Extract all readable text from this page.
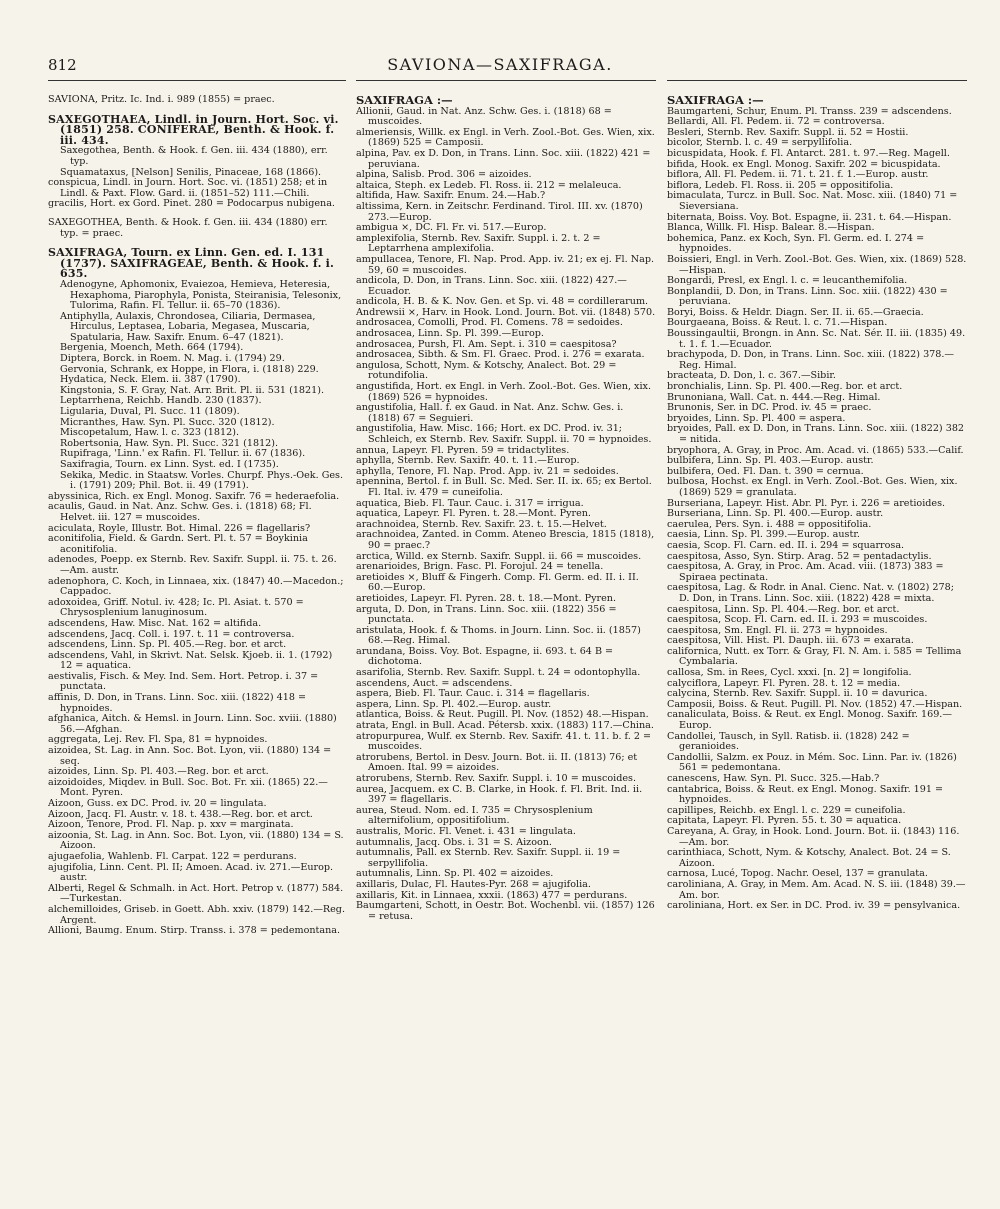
812	SAVIONA—SAXIFRAGA.

SAVIONA, Pritz. Ic. Ind. i. 989 (1855) = praec.

SAXEGOTHAEA, Lindl. in Journ. Hort. Soc. vi. (1851) 258. CONIFERAE, Benth. & Hook. f. iii. 434.

Saxegothea, Benth. & Hook. f. Gen. iii. 434 (1880), err. typ.

Squamataxus, [Nelson] Senilis, Pinaceae, 168 (1866).

conspicua, Lindl. in Journ. Hort. Soc. vi. (1851) 258; et in Lindl. & Paxt. Flow. Gard. ii. (1851–52) 111.—Chili.

gracilis, Hort. ex Gord. Pinet. 280 = Podocarpus nubigena.

SAXEGOTHEA, Benth. & Hook. f. Gen. iii. 434 (1880) err. typ. = praec.

SAXIFRAGA, Tourn. ex Linn. Gen. ed. I. 131 (1737). SAXIFRAGEAE, Benth. & Hook. f. i. 635.

Adenogyne, Aphomonix, Evaiezoa, Hemieva, Heteresia, Hexaphoma, Piarophyla, Ponista, Steiranisia, Telesonix, Tulorima, Rafin. Fl. Tellur. ii. 65–70 (1836).

Antiphylla, Aulaxis, Chrondosea, Ciliaria, Dermasea, Hirculus, Leptasea, Lobaria, Megasea, Muscaria, Spatularia, Haw. Saxifr. Enum. 6–47 (1821).

Bergenia, Moench, Meth. 664 (1794).

Diptera, Borck. in Roem. N. Mag. i. (1794) 29.

Gervonia, Schrank, ex Hoppe, in Flora, i. (1818) 229.

Hydatica, Neck. Elem. ii. 387 (1790).

Kingstonia, S. F. Gray, Nat. Arr. Brit. Pl. ii. 531 (1821).

Leptarrhena, Reichb. Handb. 230 (1837).

Ligularia, Duval, Pl. Succ. 11 (1809).

Micranthes, Haw. Syn. Pl. Succ. 320 (1812).

Miscopetalum, Haw. l. c. 323 (1812).

Robertsonia, Haw. Syn. Pl. Succ. 321 (1812).

Rupifraga, 'Linn.' ex Rafin. Fl. Tellur. ii. 67 (1836).

Saxifragia, Tourn. ex Linn. Syst. ed. I (1735).

Sekika, Medic. in Staatsw. Vorles. Churpf. Phys.-Oek. Ges. i. (1791) 209; Phil. Bot. ii. 49 (1791).

abyssinica, Rich. ex Engl. Monog. Saxifr. 76 = hederaefolia.

acaulis, Gaud. in Nat. Anz. Schw. Ges. i. (1818) 68; Fl. Helvet. iii. 127 = muscoides.

aciculata, Royle, Illustr. Bot. Himal. 226 = flagellaris?

aconitifolia, Field. & Gardn. Sert. Pl. t. 57 = Boykinia aconitifolia.

adenodes, Poepp. ex Sternb. Rev. Saxifr. Suppl. ii. 75. t. 26.—Am. austr.

adenophora, C. Koch, in Linnaea, xix. (1847) 40.—Macedon.; Cappadoc.

adoxoidea, Griff. Notul. iv. 428; Ic. Pl. Asiat. t. 570 = Chrysosplenium lanuginosum.

adscendens, Haw. Misc. Nat. 162 = altifida.

adscendens, Jacq. Coll. i. 197. t. 11 = controversa.

adscendens, Linn. Sp. Pl. 405.—Reg. bor. et arct.

adscendens, Vahl, in Skrivt. Nat. Selsk. Kjoeb. ii. 1. (1792) 12 = aquatica.

aestivalis, Fisch. & Mey. Ind. Sem. Hort. Petrop. i. 37 = punctata.

affinis, D. Don, in Trans. Linn. Soc. xiii. (1822) 418 = hypnoides.

afghanica, Aitch. & Hemsl. in Journ. Linn. Soc. xviii. (1880) 56.—Afghan.

aggregata, Lej. Rev. Fl. Spa, 81 = hypnoides.

aizoidea, St. Lag. in Ann. Soc. Bot. Lyon, vii. (1880) 134 = seq.

aizoides, Linn. Sp. Pl. 403.—Reg. bor. et arct.

aizoidoides, Miqdev. in Bull. Soc. Bot. Fr. xii. (1865) 22.—Mont. Pyren.

Aizoon, Guss. ex DC. Prod. iv. 20 = lingulata.

Aizoon, Jacq. Fl. Austr. v. 18. t. 438.—Reg. bor. et arct.

Aizoon, Tenore, Prod. Fl. Nap. p. xxv = marginata.

aizoonia, St. Lag. in Ann. Soc. Bot. Lyon, vii. (1880) 134 = S. Aizoon.

ajugaefolia, Wahlenb. Fl. Carpat. 122 = perdurans.

ajugifolia, Linn. Cent. Pl. II; Amoen. Acad. iv. 271.—Europ. austr.

Alberti, Regel & Schmalh. in Act. Hort. Petrop v. (1877) 584.—Turkestan.

alchemilloides, Griseb. in Goett. Abh. xxiv. (1879) 142.—Reg. Argent.

Allioni, Baumg. Enum. Stirp. Transs. i. 378 = pedemontana.

SAXIFRAGA :—

Allionii, Gaud. in Nat. Anz. Schw. Ges. i. (1818) 68 = muscoides.

almeriensis, Willk. ex Engl. in Verh. Zool.-Bot. Ges. Wien, xix. (1869) 525 = Camposii.

alpina, Pav. ex D. Don, in Trans. Linn. Soc. xiii. (1822) 421 = peruviana.

alpina, Salisb. Prod. 306 = aizoides.

altaica, Steph. ex Ledeb. Fl. Ross. ii. 212 = melaleuca.

altifida, Haw. Saxifr. Enum. 24.—Hab.?

altissima, Kern. in Zeitschr. Ferdinand. Tirol. III. xv. (1870) 273.—Europ.

ambigua ×, DC. Fl. Fr. vi. 517.—Europ.

amplexifolia, Sternb. Rev. Saxifr. Suppl. i. 2. t. 2 = Leptarrhena amplexifolia.

ampullacea, Tenore, Fl. Nap. Prod. App. iv. 21; ex ej. Fl. Nap. 59, 60 = muscoides.

andicola, D. Don, in Trans. Linn. Soc. xiii. (1822) 427.—Ecuador.

andicola, H. B. & K. Nov. Gen. et Sp. vi. 48 = cordillerarum.

Andrewsii ×, Harv. in Hook. Lond. Journ. Bot. vii. (1848) 570.

androsacea, Comolli, Prod. Fl. Comens. 78 = sedoides.

androsacea, Linn. Sp. Pl. 399.—Europ.

androsacea, Pursh, Fl. Am. Sept. i. 310 = caespitosa?

androsacea, Sibth. & Sm. Fl. Graec. Prod. i. 276 = exarata.

angulosa, Schott, Nym. & Kotschy, Analect. Bot. 29 = rotundifolia.

angustifida, Hort. ex Engl. in Verh. Zool.-Bot. Ges. Wien, xix. (1869) 526 = hypnoides.

angustifolia, Hall. f. ex Gaud. in Nat. Anz. Schw. Ges. i. (1818) 67 = Seguieri.

angustifolia, Haw. Misc. 166; Hort. ex DC. Prod. iv. 31; Schleich, ex Sternb. Rev. Saxifr. Suppl. ii. 70 = hypnoides.

annua, Lapeyr. Fl. Pyren. 59 = tridactylites.

aphylla, Sternb. Rev. Saxifr. 40. t. 11.—Europ.

aphylla, Tenore, Fl. Nap. Prod. App. iv. 21 = sedoides.

apennina, Bertol. f. in Bull. Sc. Med. Ser. II. ix. 65; ex Bertol. Fl. Ital. iv. 479 = cuneifolia.

aquatica, Bieb. Fl. Taur. Cauc. i. 317 = irrigua.

aquatica, Lapeyr. Fl. Pyren. t. 28.—Mont. Pyren.

arachnoidea, Sternb. Rev. Saxifr. 23. t. 15.—Helvet.

arachnoidea, Zanted. in Comm. Ateneo Brescia, 1815 (1818), 90 = praec.?

arctica, Willd. ex Sternb. Saxifr. Suppl. ii. 66 = muscoides.

arenarioides, Brign. Fasc. Pl. Forojul. 24 = tenella.

aretioides ×, Bluff & Fingerh. Comp. Fl. Germ. ed. II. i. II. 60.—Europ.

aretioides, Lapeyr. Fl. Pyren. 28. t. 18.—Mont. Pyren.

arguta, D. Don, in Trans. Linn. Soc. xiii. (1822) 356 = punctata.

aristulata, Hook. f. & Thoms. in Journ. Linn. Soc. ii. (1857) 68.—Reg. Himal.

arundana, Boiss. Voy. Bot. Espagne, ii. 693. t. 64 B = dichotoma.

asarifolia, Sternb. Rev. Saxifr. Suppl. t. 24 = odontophylla.

ascendens, Auct. = adscendens.

aspera, Bieb. Fl. Taur. Cauc. i. 314 = flagellaris.

aspera, Linn. Sp. Pl. 402.—Europ. austr.

atlantica, Boiss. & Reut. Pugill. Pl. Nov. (1852) 48.—Hispan.

atrata, Engl. in Bull. Acad. Pétersb. xxix. (1883) 117.—China.

atropurpurea, Wulf. ex Sternb. Rev. Saxifr. 41. t. 11. b. f. 2 = muscoides.

atrorubens, Bertol. in Desv. Journ. Bot. ii. II. (1813) 76; et Amoen. Ital. 99 = aizoides.

atrorubens, Sternb. Rev. Saxifr. Suppl. i. 10 = muscoides.

aurea, Jacquem. ex C. B. Clarke, in Hook. f. Fl. Brit. Ind. ii. 397 = flagellaris.

aurea, Steud. Nom. ed. I. 735 = Chrysosplenium alternifolium, oppositifolium.

australis, Moric. Fl. Venet. i. 431 = lingulata.

autumnalis, Jacq. Obs. i. 31 = S. Aizoon.

autumnalis, Pall. ex Sternb. Rev. Saxifr. Suppl. ii. 19 = serpyllifolia.

autumnalis, Linn. Sp. Pl. 402 = aizoides.

axillaris, Dulac, Fl. Hautes-Pyr. 268 = ajugifolia.

axillaris, Kit. in Linnaea, xxxii. (1863) 477 = perdurans.

Baumgarteni, Schott, in Oestr. Bot. Wochenbl. vii. (1857) 126 = retusa.

SAXIFRAGA :—

Baumgarteni, Schur, Enum. Pl. Transs. 239 = adscendens.

Bellardi, All. Fl. Pedem. ii. 72 = controversa.

Besleri, Sternb. Rev. Saxifr. Suppl. ii. 52 = Hostii.

bicolor, Sternb. l. c. 49 = serpyllifolia.

bicuspidata, Hook. f. Fl. Antarct. 281. t. 97.—Reg. Magell.

bifida, Hook. ex Engl. Monog. Saxifr. 202 = bicuspidata.

biflora, All. Fl. Pedem. ii. 71. t. 21. f. 1.—Europ. austr.

biflora, Ledeb. Fl. Ross. ii. 205 = oppositifolia.

bimaculata, Turcz. in Bull. Soc. Nat. Mosc. xiii. (1840) 71 = Sieversiana.

biternata, Boiss. Voy. Bot. Espagne, ii. 231. t. 64.—Hispan.

Blanca, Willk. Fl. Hisp. Balear. 8.—Hispan.

bohemica, Panz. ex Koch, Syn. Fl. Germ. ed. I. 274 = hypnoides.

Boissieri, Engl. in Verh. Zool.-Bot. Ges. Wien, xix. (1869) 528.—Hispan.

Bongardi, Presl, ex Engl. l. c. = leucanthemifolia.

Bonplandii, D. Don, in Trans. Linn. Soc. xiii. (1822) 430 = peruviana.

Boryi, Boiss. & Heldr. Diagn. Ser. II. ii. 65.—Graecia.

Bourgaeana, Boiss. & Reut. l. c. 71.—Hispan.

Boussingaultii, Brongn. in Ann. Sc. Nat. Sér. II. iii. (1835) 49. t. 1. f. 1.—Ecuador.

brachypoda, D. Don, in Trans. Linn. Soc. xiii. (1822) 378.—Reg. Himal.

bracteata, D. Don, l. c. 367.—Sibir.

bronchialis, Linn. Sp. Pl. 400.—Reg. bor. et arct.

Brunoniana, Wall. Cat. n. 444.—Reg. Himal.

Brunonis, Ser. in DC. Prod. iv. 45 = praec.

bryoides, Linn. Sp. Pl. 400 = aspera.

bryoides, Pall. ex D. Don, in Trans. Linn. Soc. xiii. (1822) 382 = nitida.

bryophora, A. Gray, in Proc. Am. Acad. vi. (1865) 533.—Calif.

bulbifera, Linn. Sp. Pl. 403.—Europ. austr.

bulbifera, Oed. Fl. Dan. t. 390 = cernua.

bulbosa, Hochst. ex Engl. in Verh. Zool.-Bot. Ges. Wien, xix. (1869) 529 = granulata.

Burseriana, Lapeyr. Hist. Abr. Pl. Pyr. i. 226 = aretioides.

Burseriana, Linn. Sp. Pl. 400.—Europ. austr.

caerulea, Pers. Syn. i. 488 = oppositifolia.

caesia, Linn. Sp. Pl. 399.—Europ. austr.

caesia, Scop. Fl. Carn. ed. II. i. 294 = squarrosa.

caespitosa, Asso, Syn. Stirp. Arag. 52 = pentadactylis.

caespitosa, A. Gray, in Proc. Am. Acad. viii. (1873) 383 = Spiraea pectinata.

caespitosa, Lag. & Rodr. in Anal. Cienc. Nat. v. (1802) 278; D. Don, in Trans. Linn. Soc. xiii. (1822) 428 = mixta.

caespitosa, Linn. Sp. Pl. 404.—Reg. bor. et arct.

caespitosa, Scop. Fl. Carn. ed. II. i. 293 = muscoides.

caespitosa, Sm. Engl. Fl. ii. 273 = hypnoides.

caespitosa, Vill. Hist. Pl. Dauph. iii. 673 = exarata.

californica, Nutt. ex Torr. & Gray, Fl. N. Am. i. 585 = Tellima Cymbalaria.

callosa, Sm. in Rees, Cycl. xxxi. [n. 2] = longifolia.

calyciflora, Lapeyr. Fl. Pyren. 28. t. 12 = media.

calycina, Sternb. Rev. Saxifr. Suppl. ii. 10 = davurica.

Camposii, Boiss. & Reut. Pugill. Pl. Nov. (1852) 47.—Hispan.

canaliculata, Boiss. & Reut. ex Engl. Monog. Saxifr. 169.—Europ.

Candollei, Tausch, in Syll. Ratisb. ii. (1828) 242 = geranioides.

Candollii, Salzm. ex Pouz. in Mém. Soc. Linn. Par. iv. (1826) 561 = pedemontana.

canescens, Haw. Syn. Pl. Succ. 325.—Hab.?

cantabrica, Boiss. & Reut. ex Engl. Monog. Saxifr. 191 = hypnoides.

capillipes, Reichb. ex Engl. l. c. 229 = cuneifolia.

capitata, Lapeyr. Fl. Pyren. 55. t. 30 = aquatica.

Careyana, A. Gray, in Hook. Lond. Journ. Bot. ii. (1843) 116.—Am. bor.

carinthiaca, Schott, Nym. & Kotschy, Analect. Bot. 24 = S. Aizoon.

carnosa, Lucé, Topog. Nachr. Oesel, 137 = granulata.

caroliniana, A. Gray, in Mem. Am. Acad. N. S. iii. (1848) 39.—Am. bor.

caroliniana, Hort. ex Ser. in DC. Prod. iv. 39 = pensylvanica.
